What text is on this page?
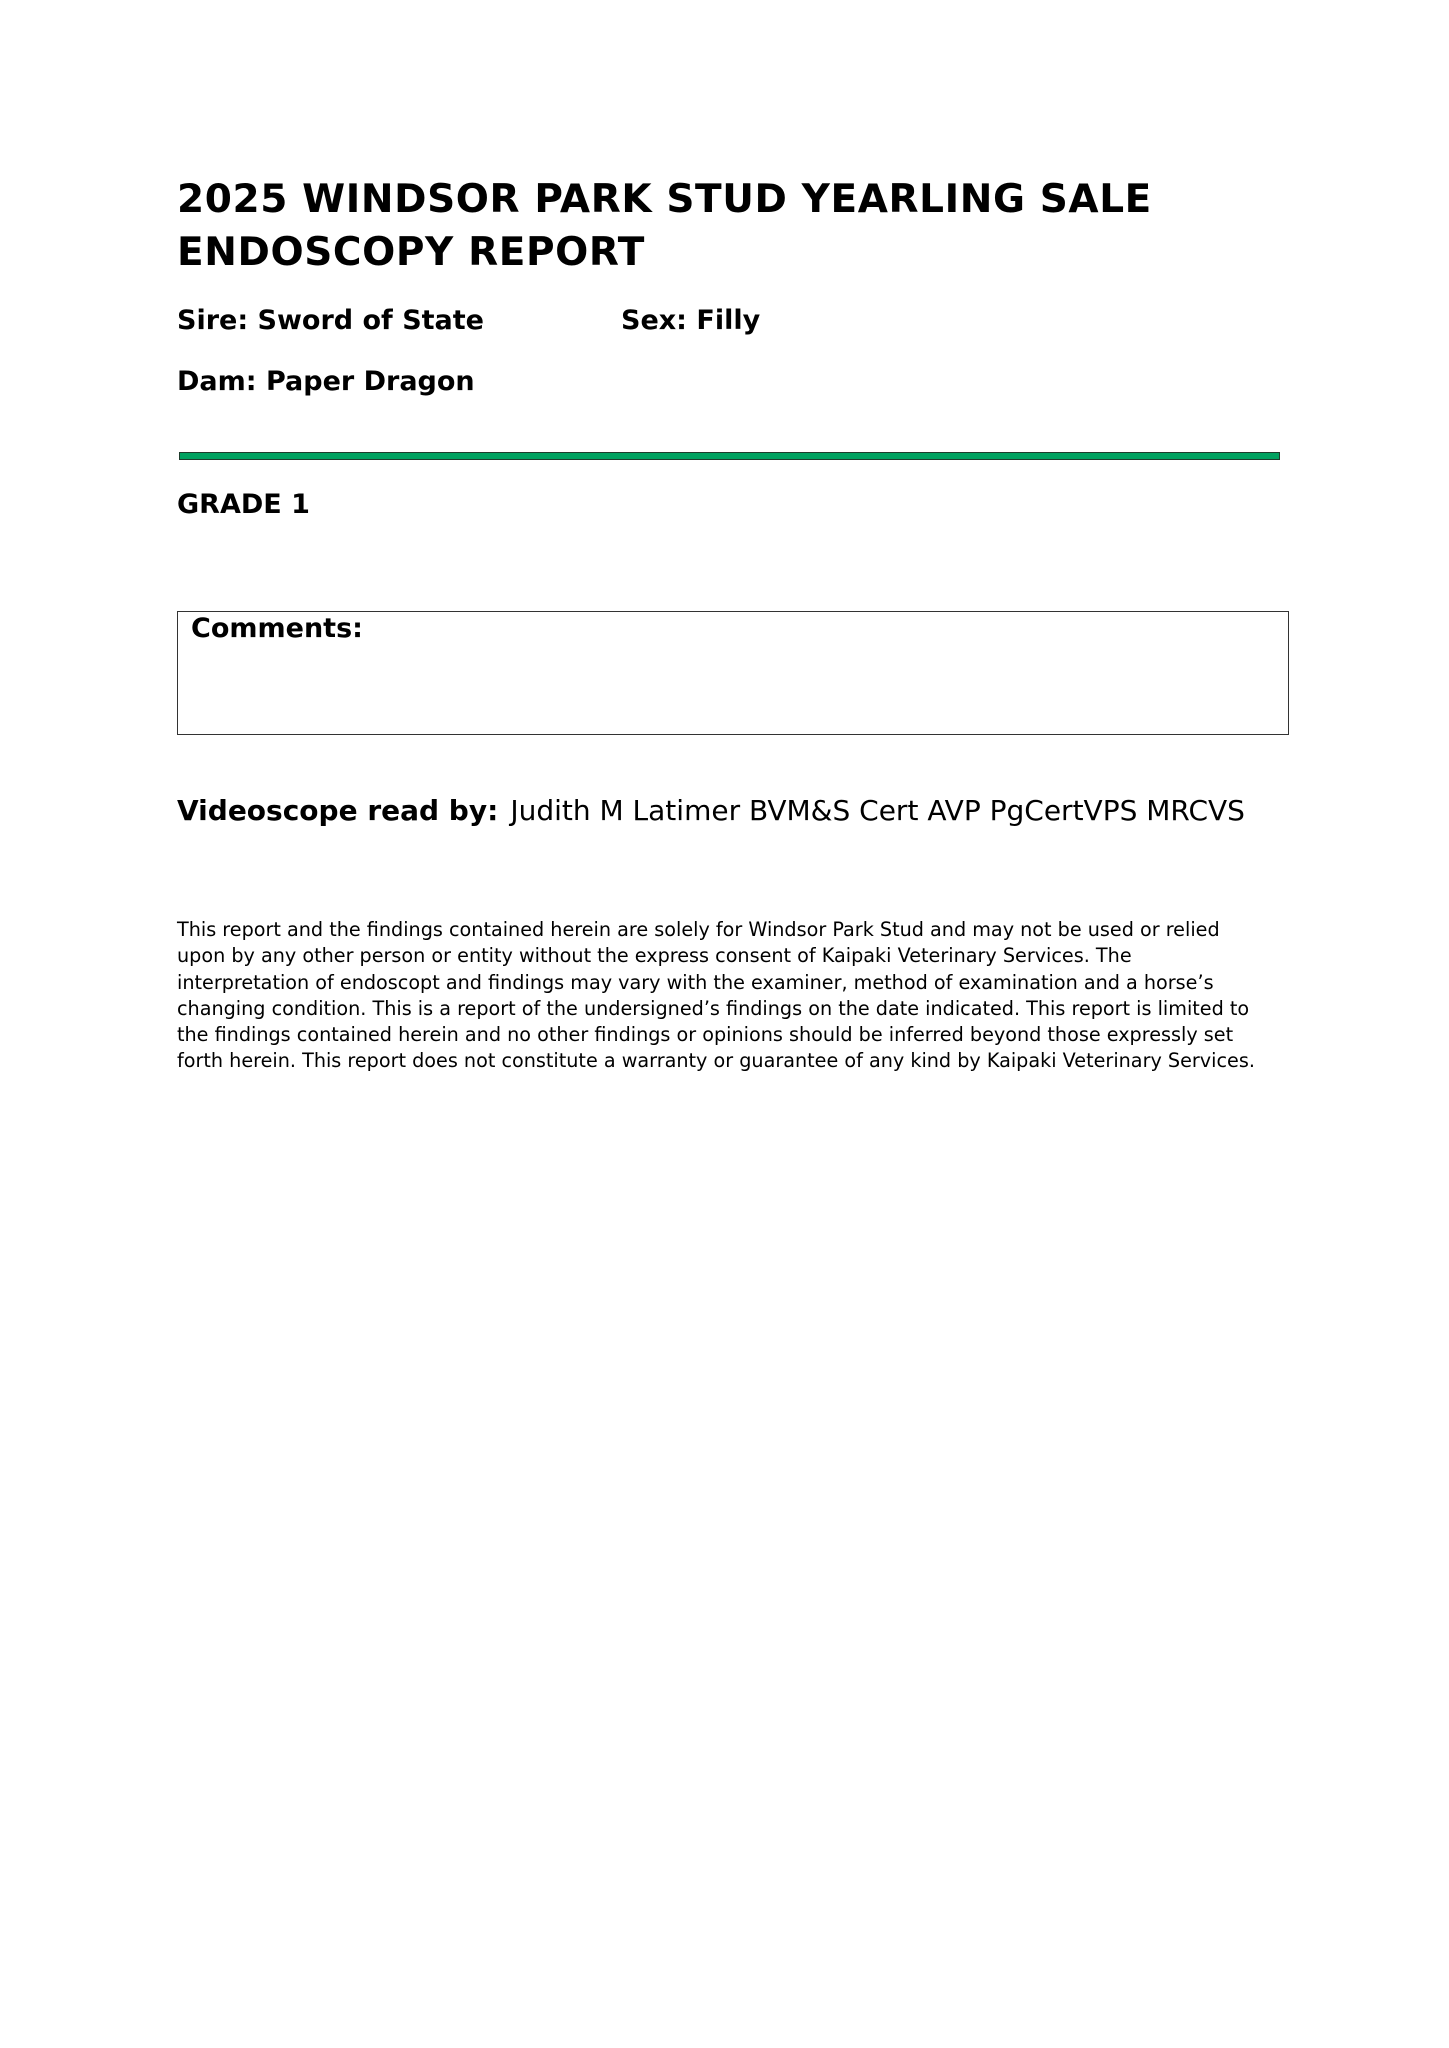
2025 WINDSOR PARK STUD YEARLING SALE
ENDOSCOPY REPORT
Sire: Sword of State	Sex: Filly
Dam: Paper Dragon
GRADE 1
Comments:
Videoscope read by: Judith M Latimer BVM&S Cert AVP PgCertVPS MRCVS

This report and the findings contained herein are solely for Windsor Park Stud and may not be used or relied
upon by any other person or entity without the express consent of Kaipaki Veterinary Services. The
interpretation of endoscopt and findings may vary with the examiner, method of examination and a horse’s
changing condition. This is a report of the undersigned’s findings on the date indicated. This report is limited to
the findings contained herein and no other findings or opinions should be inferred beyond those expressly set
forth herein. This report does not constitute a warranty or guarantee of any kind by Kaipaki Veterinary Services.
